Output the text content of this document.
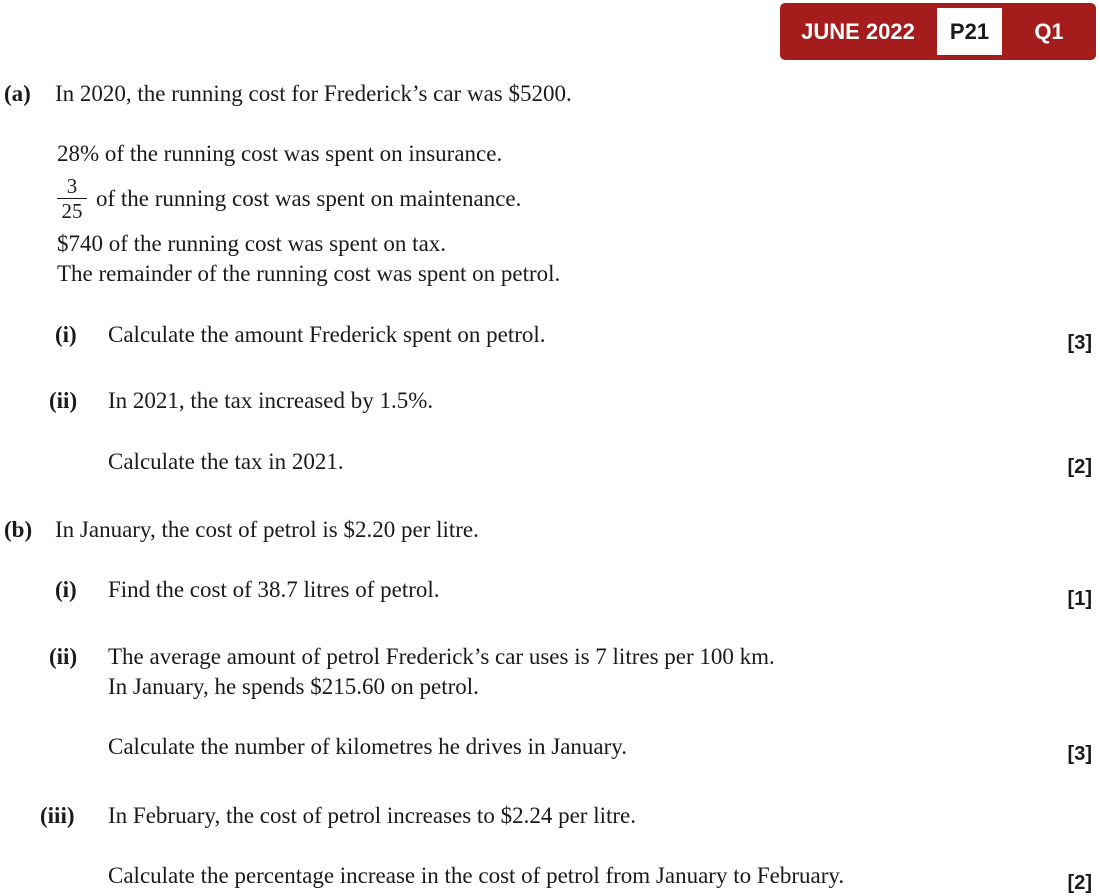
JUNE 2022	P21	Q1
(a) In 2020, the running cost for Frederick’s car was $5200.
28% of the running cost was spent on insurance.
3
25 of the running cost was spent on maintenance.
$740 of the running cost was spent on tax.
The remainder of the running cost was spent on petrol.
(i) Calculate the amount Frederick spent on petrol.	[3]
(ii) In 2021, the tax increased by 1.5%.
Calculate the tax in 2021.	[2]
(b) In January, the cost of petrol is $2.20 per litre.
(i) Find the cost of 38.7 litres of petrol.	[1]
(ii) The average amount of petrol Frederick’s car uses is 7 litres per 100 km.
In January, he spends $215.60 on petrol.
Calculate the number of kilometres he drives in January.	[3]
(iii) In February, the cost of petrol increases to $2.24 per litre.
Calculate the percentage increase in the cost of petrol from January to February.	[2]
